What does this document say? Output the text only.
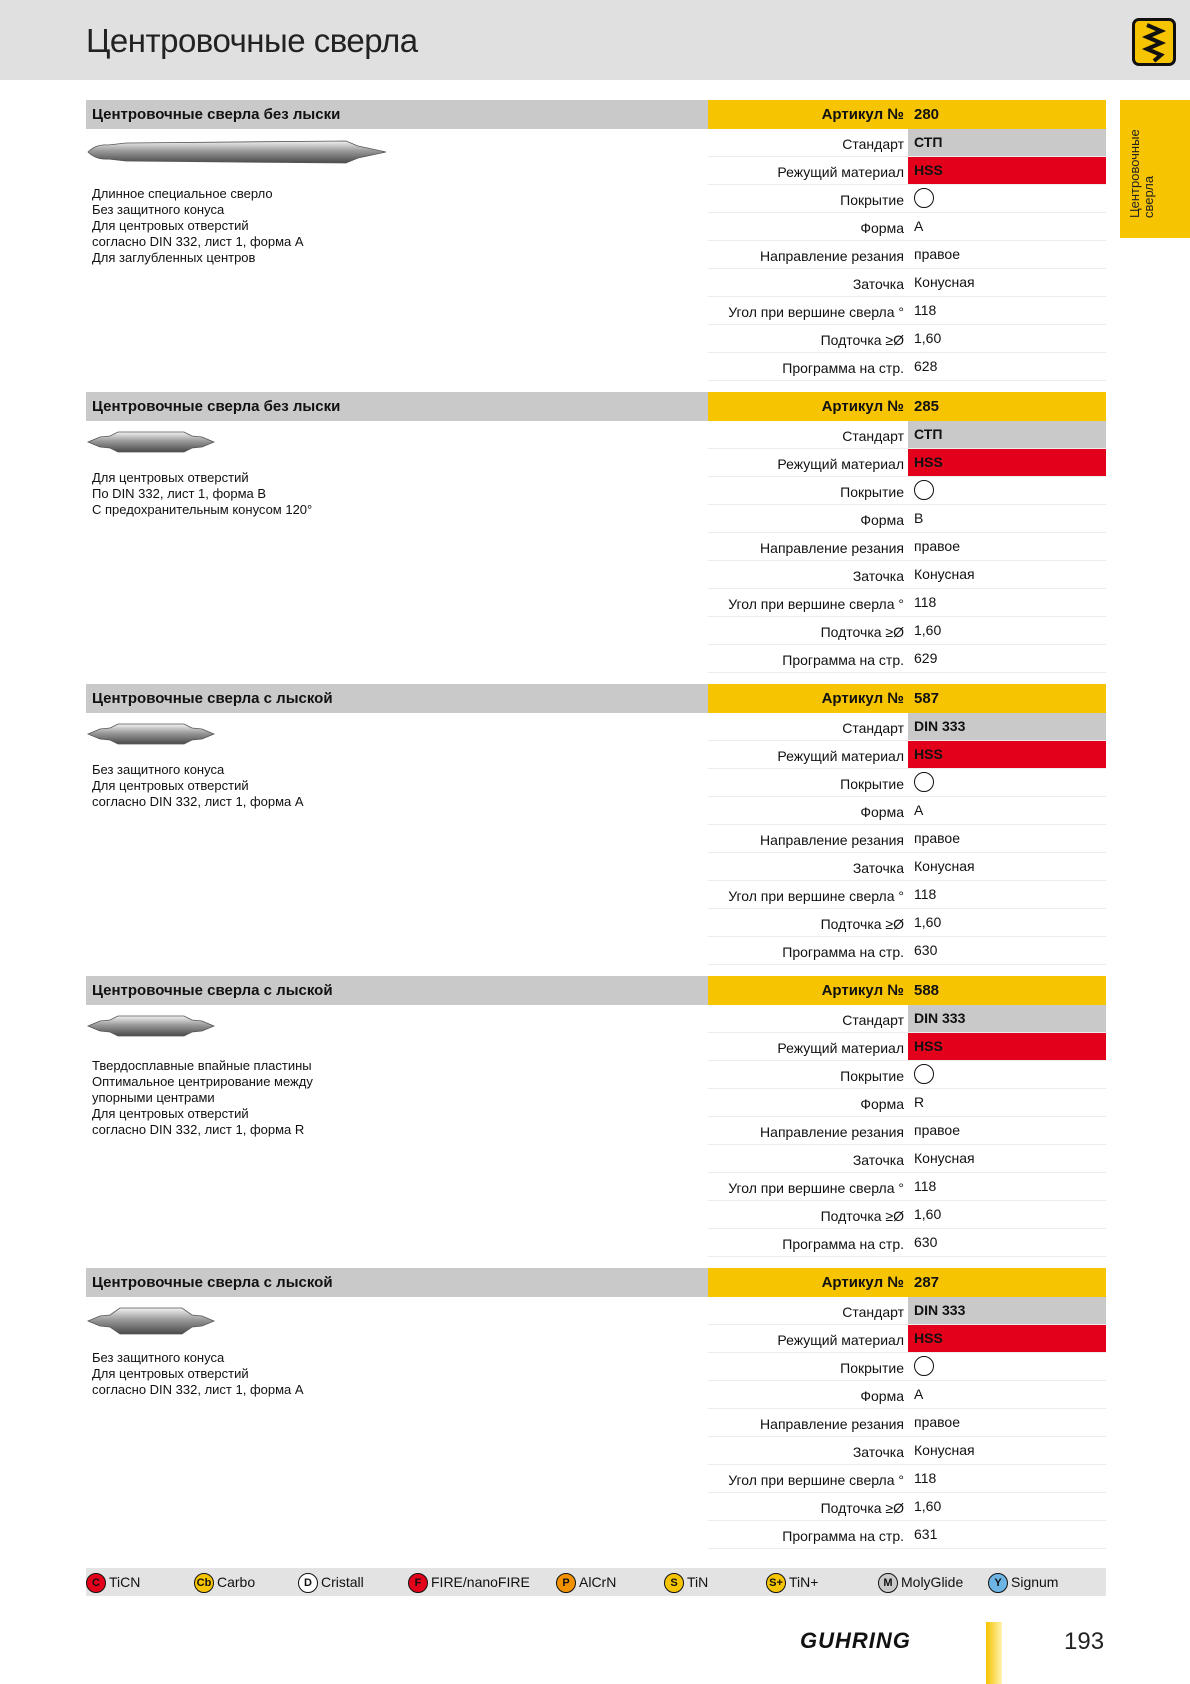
Центровочные сверла
Центровочные сверла
Центровочные сверла без лыски
Длинное специальное сверло
Без защитного конуса
Для центровых отверстий
согласно DIN 332, лист 1, форма A
Для заглубленных центров
Артикул № 280
Стандарт СТП
Режущий материал HSS
Покрытие
Форма A
Направление резания правое
Заточка Конусная
Угол при вершине сверла ° 118
Подточка ≥Ø 1,60
Программа на стр. 628
Центровочные сверла без лыски
Для центровых отверстий
По DIN 332, лист 1, форма B
С предохранительным конусом 120°
Артикул № 285
Стандарт СТП
Режущий материал HSS
Покрытие
Форма B
Направление резания правое
Заточка Конусная
Угол при вершине сверла ° 118
Подточка ≥Ø 1,60
Программа на стр. 629
Центровочные сверла с лыской
Без защитного конуса
Для центровых отверстий
согласно DIN 332, лист 1, форма A
Артикул № 587
Стандарт DIN 333
Режущий материал HSS
Покрытие
Форма A
Направление резания правое
Заточка Конусная
Угол при вершине сверла ° 118
Подточка ≥Ø 1,60
Программа на стр. 630
Центровочные сверла с лыской
Твердосплавные впайные пластины
Оптимальное центрирование между
упорными центрами
Для центровых отверстий
согласно DIN 332, лист 1, форма R
Артикул № 588
Стандарт DIN 333
Режущий материал HSS
Покрытие
Форма R
Направление резания правое
Заточка Конусная
Угол при вершине сверла ° 118
Подточка ≥Ø 1,60
Программа на стр. 630
Центровочные сверла с лыской
Без защитного конуса
Для центровых отверстий
согласно DIN 332, лист 1, форма A
Артикул № 287
Стандарт DIN 333
Режущий материал HSS
Покрытие
Форма A
Направление резания правое
Заточка Конусная
Угол при вершине сверла ° 118
Подточка ≥Ø 1,60
Программа на стр. 631
C TiCN	Cb Carbo	D Cristall	F FIRE/nanoFIRE	P AlCrN	S TiN	S+ TiN+	M MolyGlide	Y Signum
GUHRING	193
